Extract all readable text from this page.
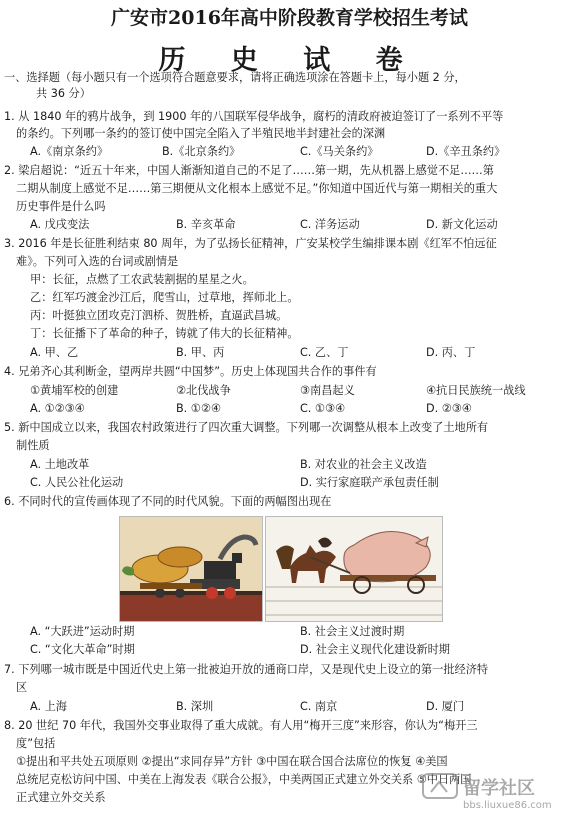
广安市2016年高中阶段教育学校招生考试
历 史 试 卷
一、选择题（每小题只有一个选项符合题意要求，请将正确选项涂在答题卡上，每小题 2 分，
共 36 分）
1. 从 1840 年的鸦片战争，到 1900 年的八国联军侵华战争，腐朽的清政府被迫签订了一系列不平等
的条约。下列哪一条约的签订使中国完全陷入了半殖民地半封建社会的深渊
A.《南京条约》	B.《北京条约》	C.《马关条约》	D.《辛丑条约》
2. 梁启超说：“近五十年来，中国人渐渐知道自己的不足了……第一期，先从机器上感觉不足……第
二期从制度上感觉不足……第三期便从文化根本上感觉不足。”你知道中国近代与第一期相关的重大
历史事件是什么吗
A. 戊戌变法	B. 辛亥革命	C. 洋务运动	D. 新文化运动
3. 2016 年是长征胜利结束 80 周年，为了弘扬长征精神，广安某校学生编排课本剧《红军不怕远征
难》。下列可入选的台词或剧情是
甲：长征，点燃了工农武装割据的星星之火。
乙：红军巧渡金沙江后，爬雪山，过草地，挥师北上。
丙：叶挺独立团攻克汀泗桥、贺胜桥，直逼武昌城。
丁：长征播下了革命的种子，铸就了伟大的长征精神。
A. 甲、乙	B. 甲、丙	C. 乙、丁	D. 丙、丁
4. 兄弟齐心其利断金，望两岸共圆“中国梦”。历史上体现国共合作的事件有
①黄埔军校的创建	②北伐战争	③南昌起义	④抗日民族统一战线
A. ①②③④	B. ①②④	C. ①③④	D. ②③④
5. 新中国成立以来，我国农村政策进行了四次重大调整。下列哪一次调整从根本上改变了土地所有
制性质
A. 土地改革	B. 对农业的社会主义改造
C. 人民公社化运动	D. 实行家庭联产承包责任制
6. 不同时代的宣传画体现了不同的时代风貌。下面的两幅图出现在
A. “大跃进”运动时期	B. 社会主义过渡时期
C. “文化大革命”时期	D. 社会主义现代化建设新时期
7. 下列哪一城市既是中国近代史上第一批被迫开放的通商口岸，又是现代史上设立的第一批经济特
区
A. 上海	B. 深圳	C. 南京	D. 厦门
8. 20 世纪 70 年代，我国外交事业取得了重大成就。有人用“梅开三度”来形容，你认为“梅开三
度”包括
①提出和平共处五项原则 ②提出“求同存异”方针 ③中国在联合国合法席位的恢复 ④美国
总统尼克松访问中国、中美在上海发表《联合公报》，中美两国正式建立外交关系 ⑤中日两国
正式建立外交关系	留学社区
bbs.liuxue86.com
